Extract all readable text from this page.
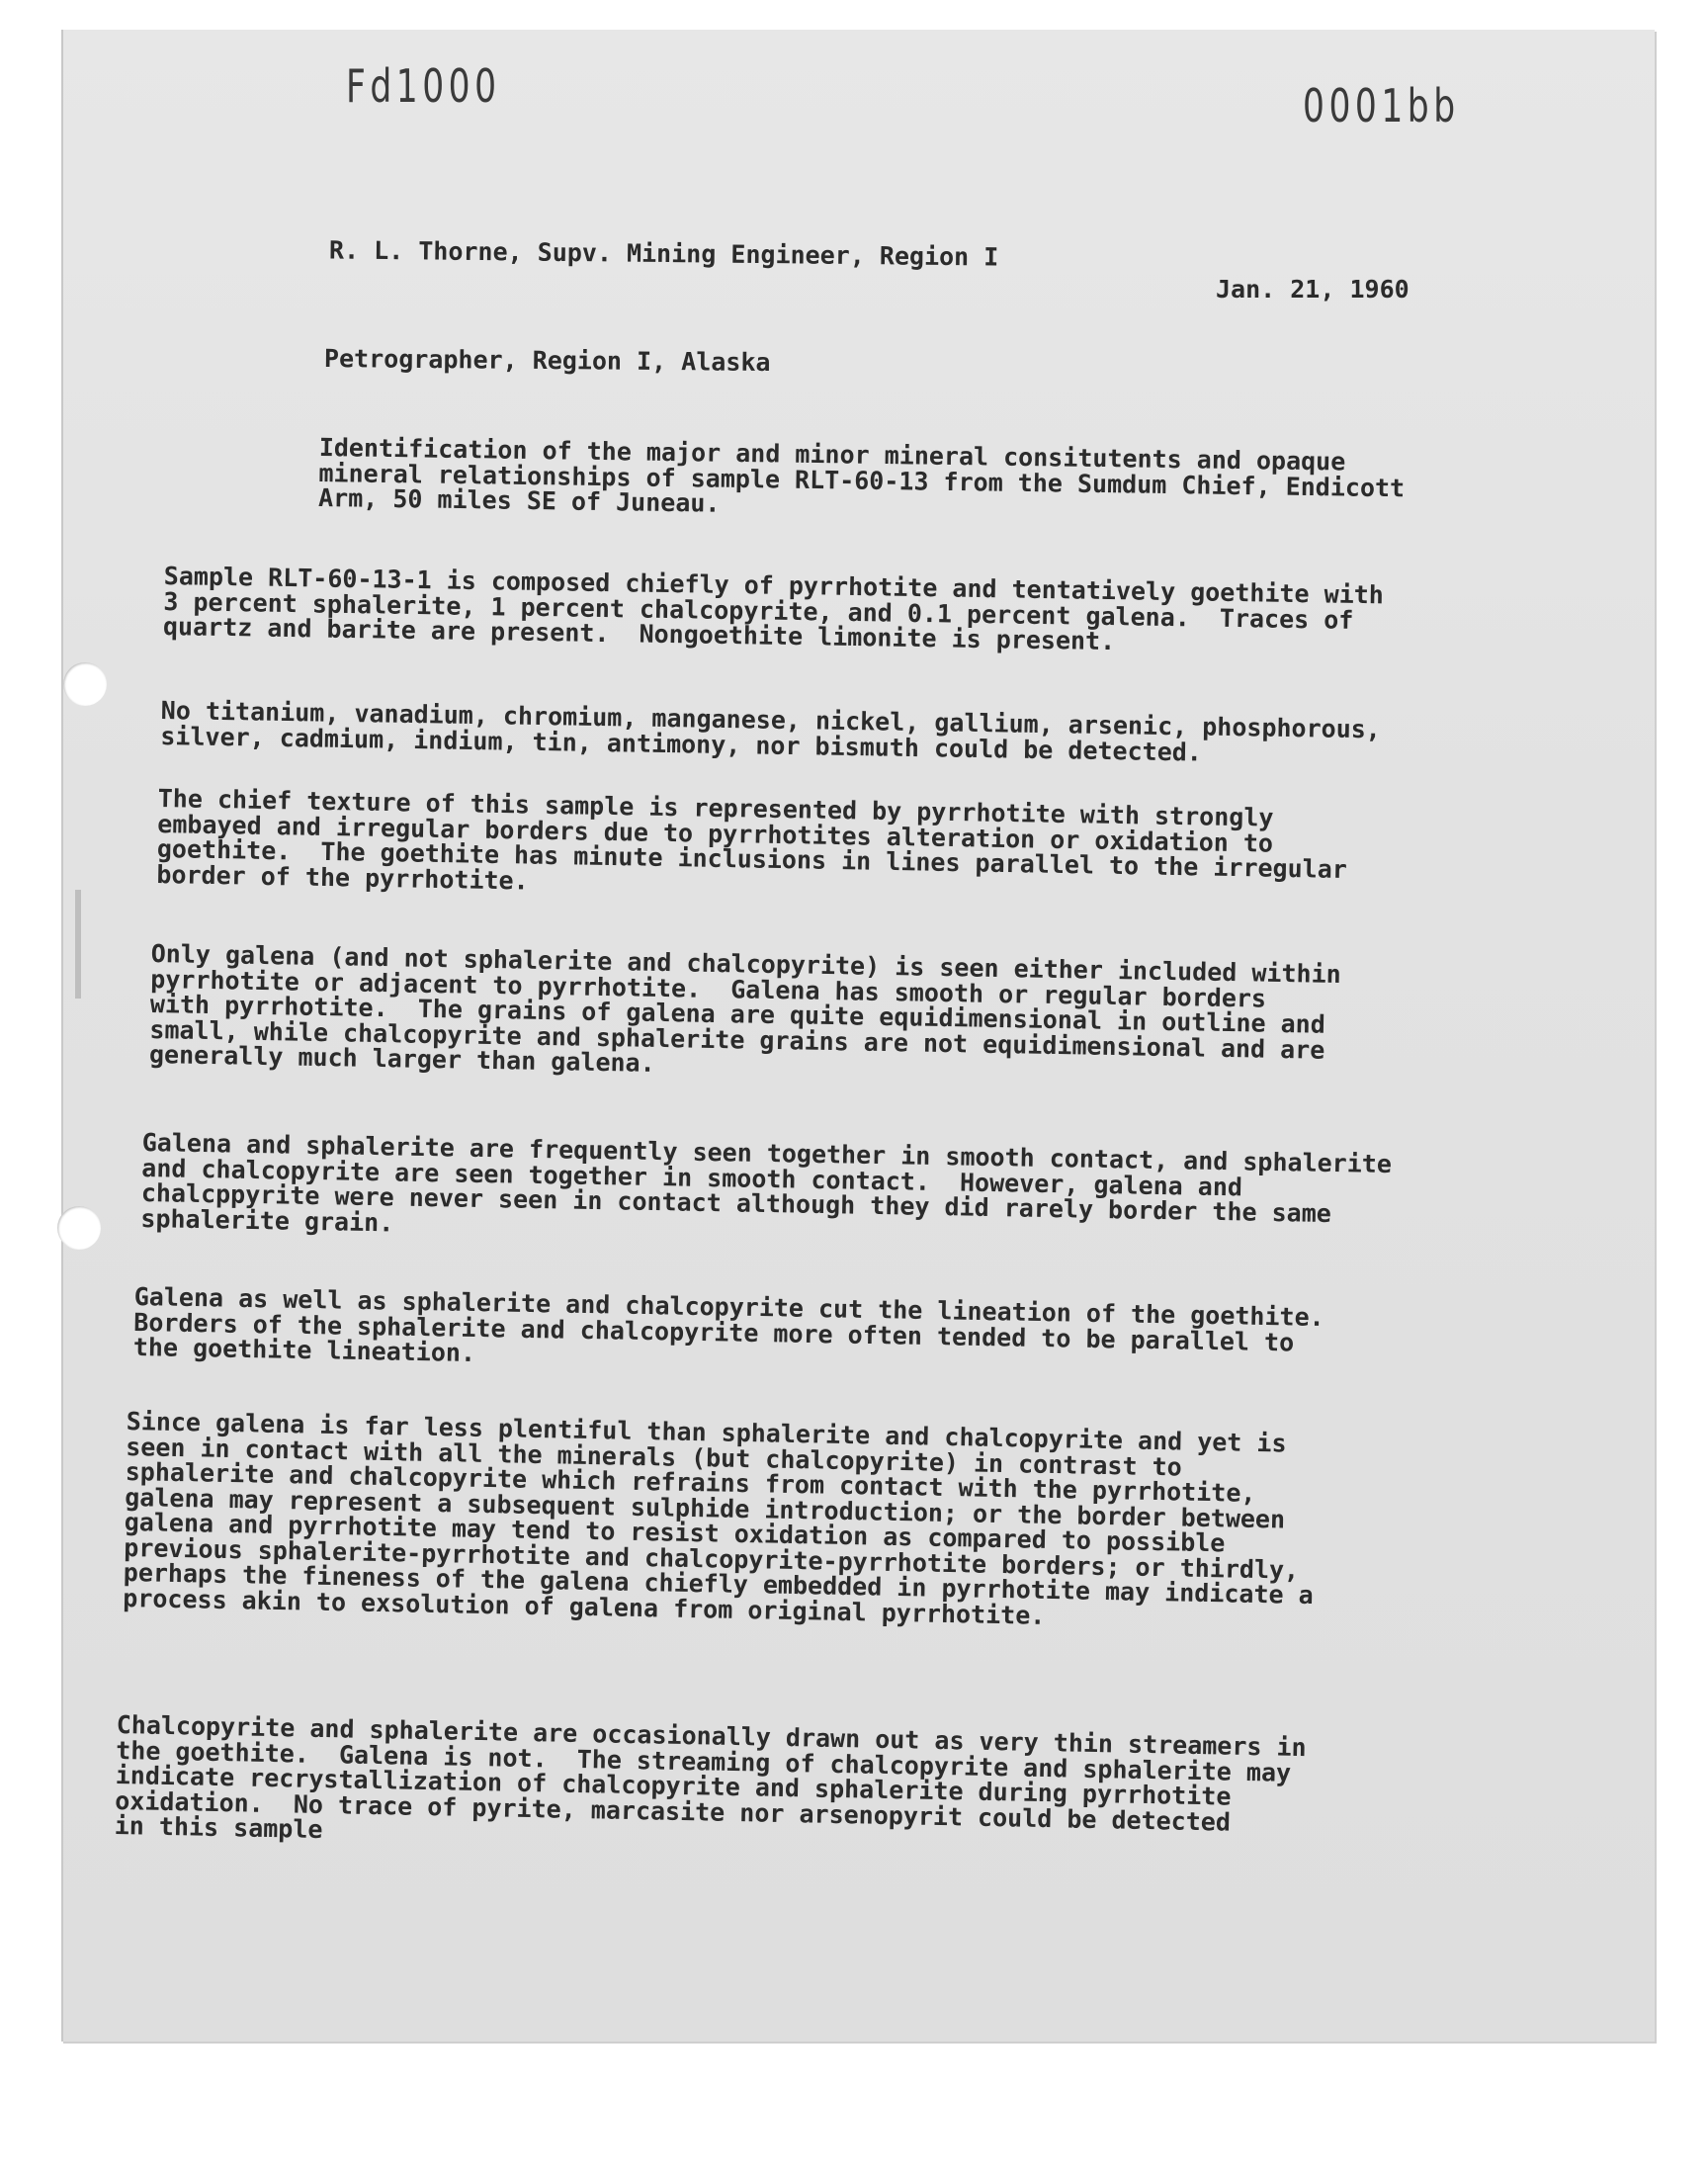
Fd1000	0001bb
R. L. Thorne, Supv. Mining Engineer, Region I
Jan. 21, 1960
Petrographer, Region I, Alaska
Identification of the major and minor mineral consitutents and opaque
mineral relationships of sample RLT-60-13 from the Sumdum Chief, Endicott
Arm, 50 miles SE of Juneau.
Sample RLT-60-13-1 is composed chiefly of pyrrhotite and tentatively goethite with
3 percent sphalerite, 1 percent chalcopyrite, and 0.1 percent galena.  Traces of
quartz and barite are present.  Nongoethite limonite is present.
No titanium, vanadium, chromium, manganese, nickel, gallium, arsenic, phosphorous,
silver, cadmium, indium, tin, antimony, nor bismuth could be detected.
The chief texture of this sample is represented by pyrrhotite with strongly
embayed and irregular borders due to pyrrhotites alteration or oxidation to
goethite.  The goethite has minute inclusions in lines parallel to the irregular
border of the pyrrhotite.
Only galena (and not sphalerite and chalcopyrite) is seen either included within
pyrrhotite or adjacent to pyrrhotite.  Galena has smooth or regular borders
with pyrrhotite.  The grains of galena are quite equidimensional in outline and
small, while chalcopyrite and sphalerite grains are not equidimensional and are
generally much larger than galena.
Galena and sphalerite are frequently seen together in smooth contact, and sphalerite
and chalcopyrite are seen together in smooth contact.  However, galena and
chalcppyrite were never seen in contact although they did rarely border the same
sphalerite grain.
Galena as well as sphalerite and chalcopyrite cut the lineation of the goethite.
Borders of the sphalerite and chalcopyrite more often tended to be parallel to
the goethite lineation.
Since galena is far less plentiful than sphalerite and chalcopyrite and yet is
seen in contact with all the minerals (but chalcopyrite) in contrast to
sphalerite and chalcopyrite which refrains from contact with the pyrrhotite,
galena may represent a subsequent sulphide introduction; or the border between
galena and pyrrhotite may tend to resist oxidation as compared to possible
previous sphalerite-pyrrhotite and chalcopyrite-pyrrhotite borders; or thirdly,
perhaps the fineness of the galena chiefly embedded in pyrrhotite may indicate a
process akin to exsolution of galena from original pyrrhotite.
Chalcopyrite and sphalerite are occasionally drawn out as very thin streamers in
the goethite.  Galena is not.  The streaming of chalcopyrite and sphalerite may
indicate recrystallization of chalcopyrite and sphalerite during pyrrhotite
oxidation.  No trace of pyrite, marcasite nor arsenopyrit could be detected
in this sample
